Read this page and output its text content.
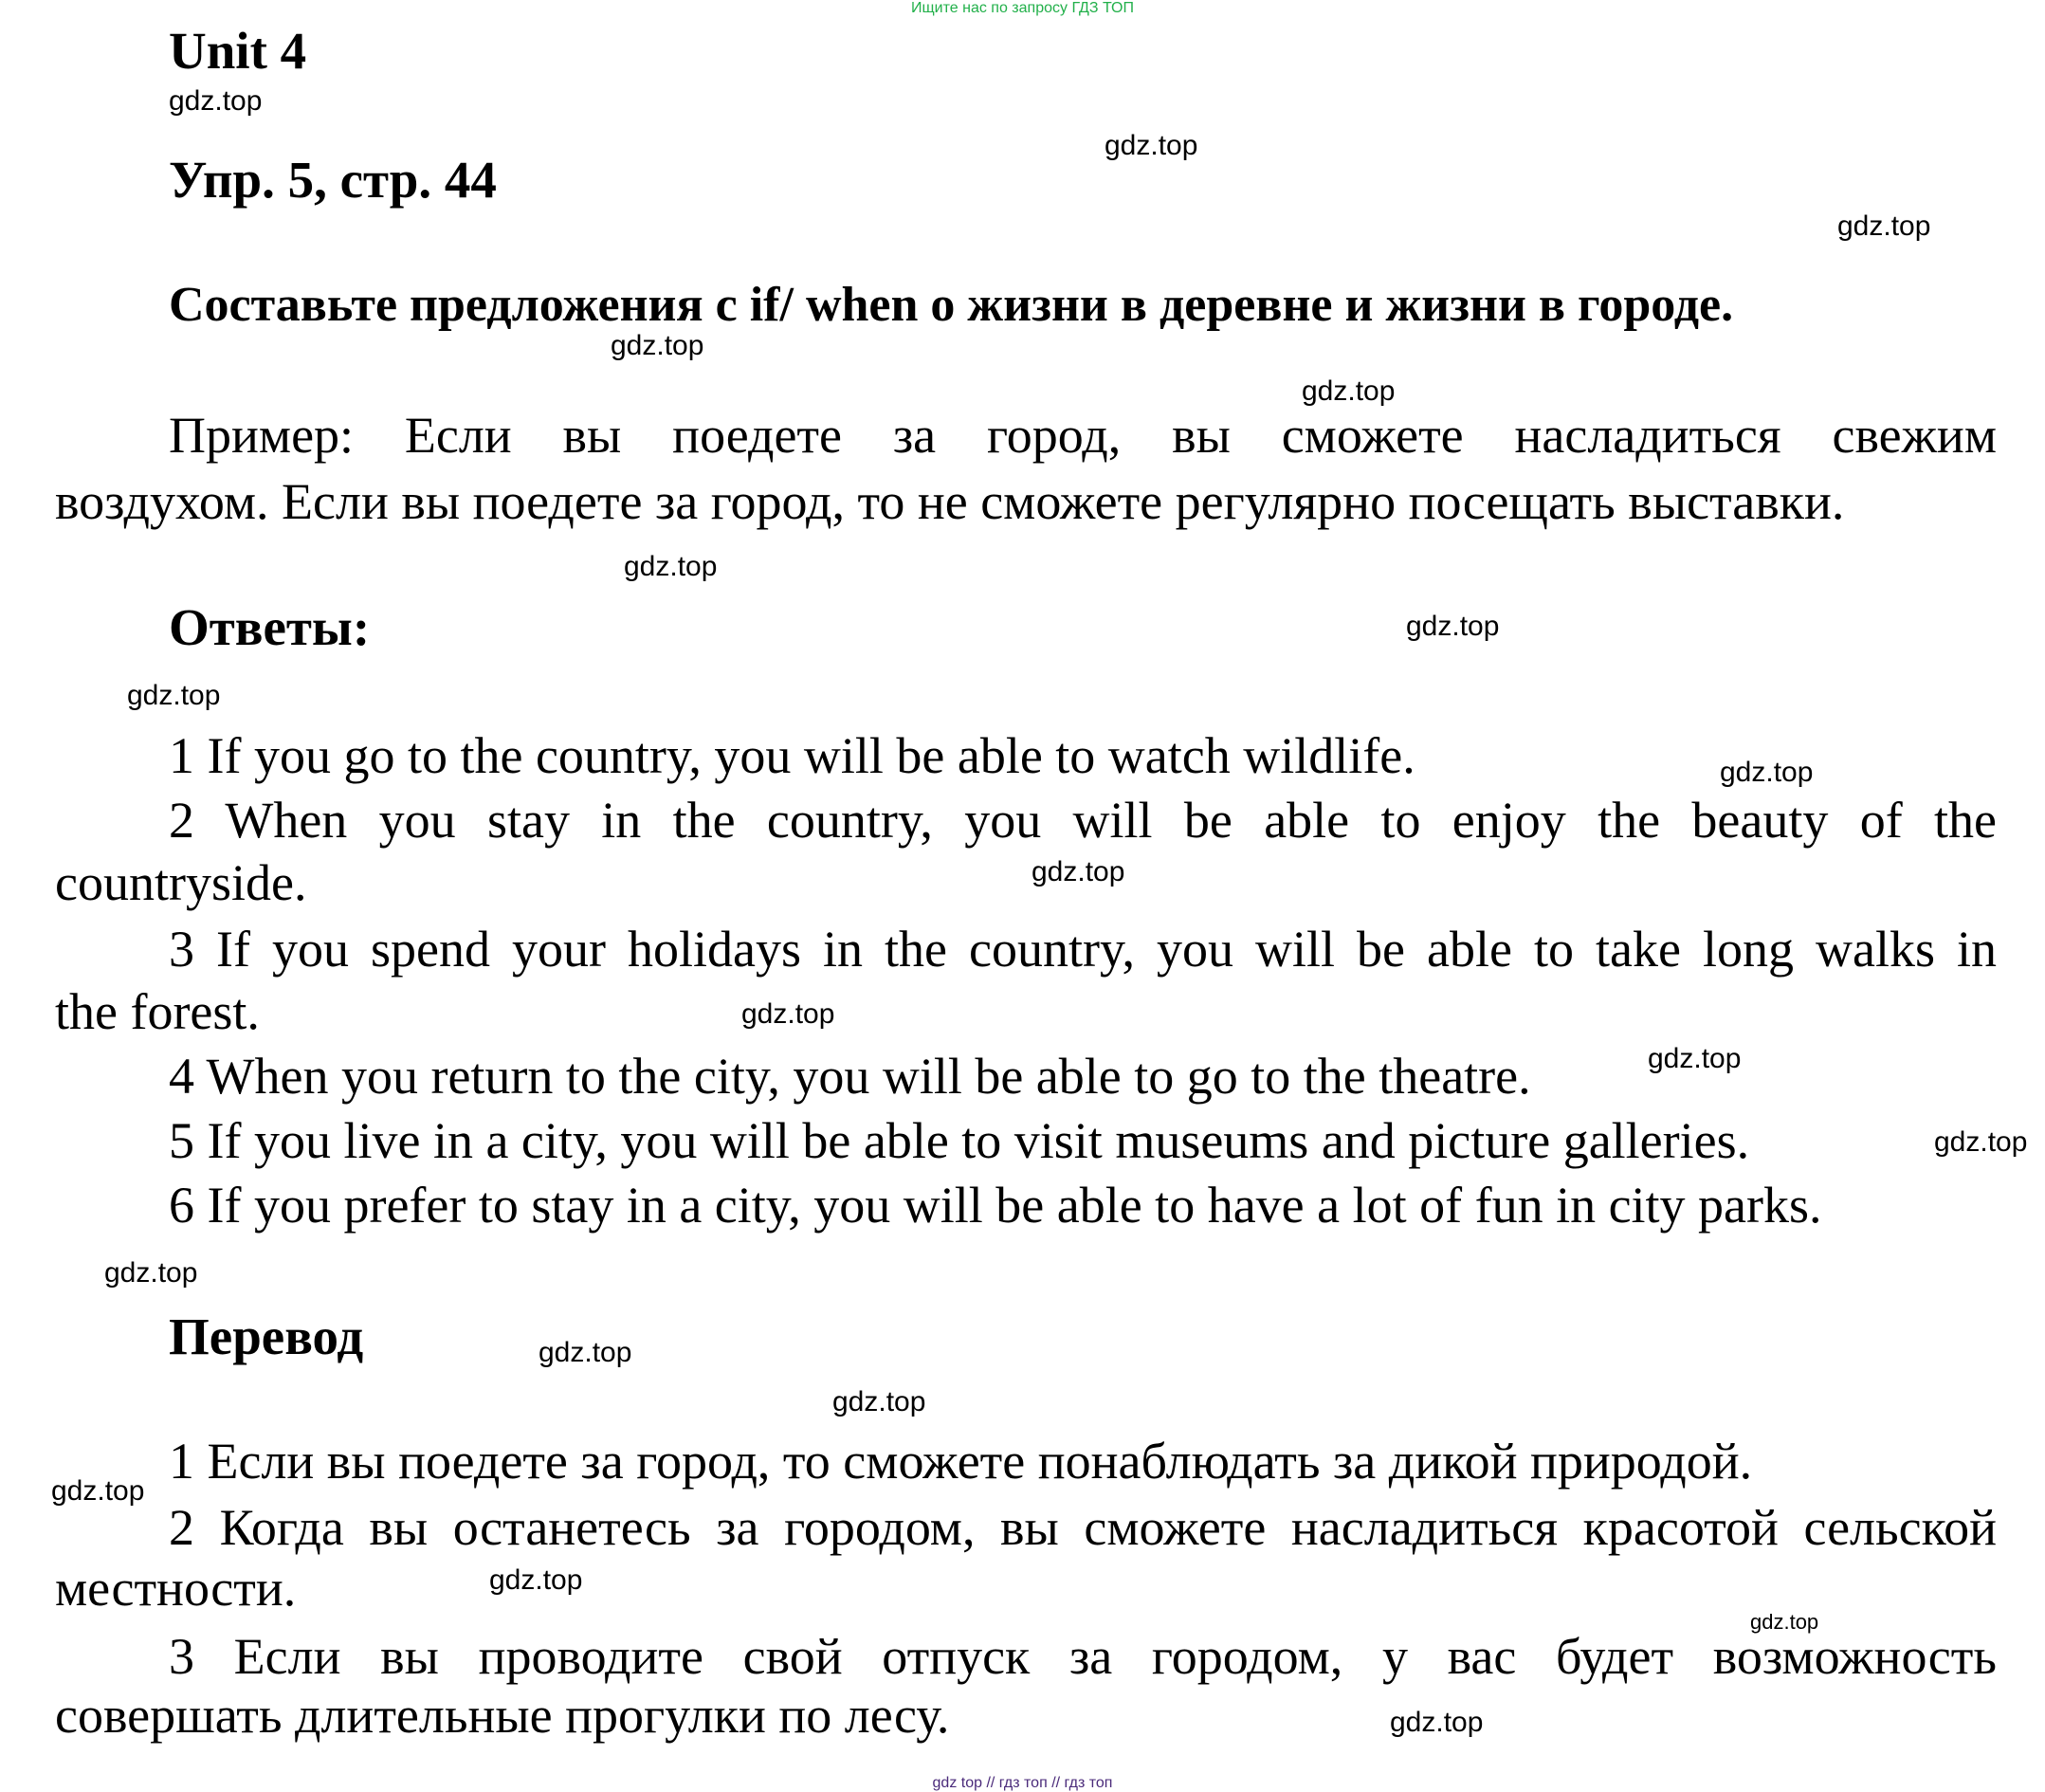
Ищите нас по запросу ГДЗ ТОП
gdz top // гдз топ // гдз топ
Unit 4
Упр. 5, стр. 44
Составьте предложения с if/ when о жизни в деревне и жизни в городе.
Пример: Если вы поедете за город, вы сможете насладиться свежим
воздухом. Если вы поедете за город, то не сможете регулярно посещать выставки.
Ответы:
1 If you go to the country, you will be able to watch wildlife.
2 When you stay in the country, you will be able to enjoy the beauty of the
countryside.
3 If you spend your holidays in the country, you will be able to take long walks in
the forest.
4 When you return to the city, you will be able to go to the theatre.
5 If you live in a city, you will be able to visit museums and picture galleries.
6 If you prefer to stay in a city, you will be able to have a lot of fun in city parks.
Перевод
1 Если вы поедете за город, то сможете понаблюдать за дикой природой.
2 Когда вы останетесь за городом, вы сможете насладиться красотой сельской
местности.
3 Если вы проводите свой отпуск за городом, у вас будет возможность
совершать длительные прогулки по лесу.
gdz.top
gdz.top
gdz.top
gdz.top
gdz.top
gdz.top
gdz.top
gdz.top
gdz.top
gdz.top
gdz.top
gdz.top
gdz.top
gdz.top
gdz.top
gdz.top
gdz.top
gdz.top
gdz.top
gdz.top
